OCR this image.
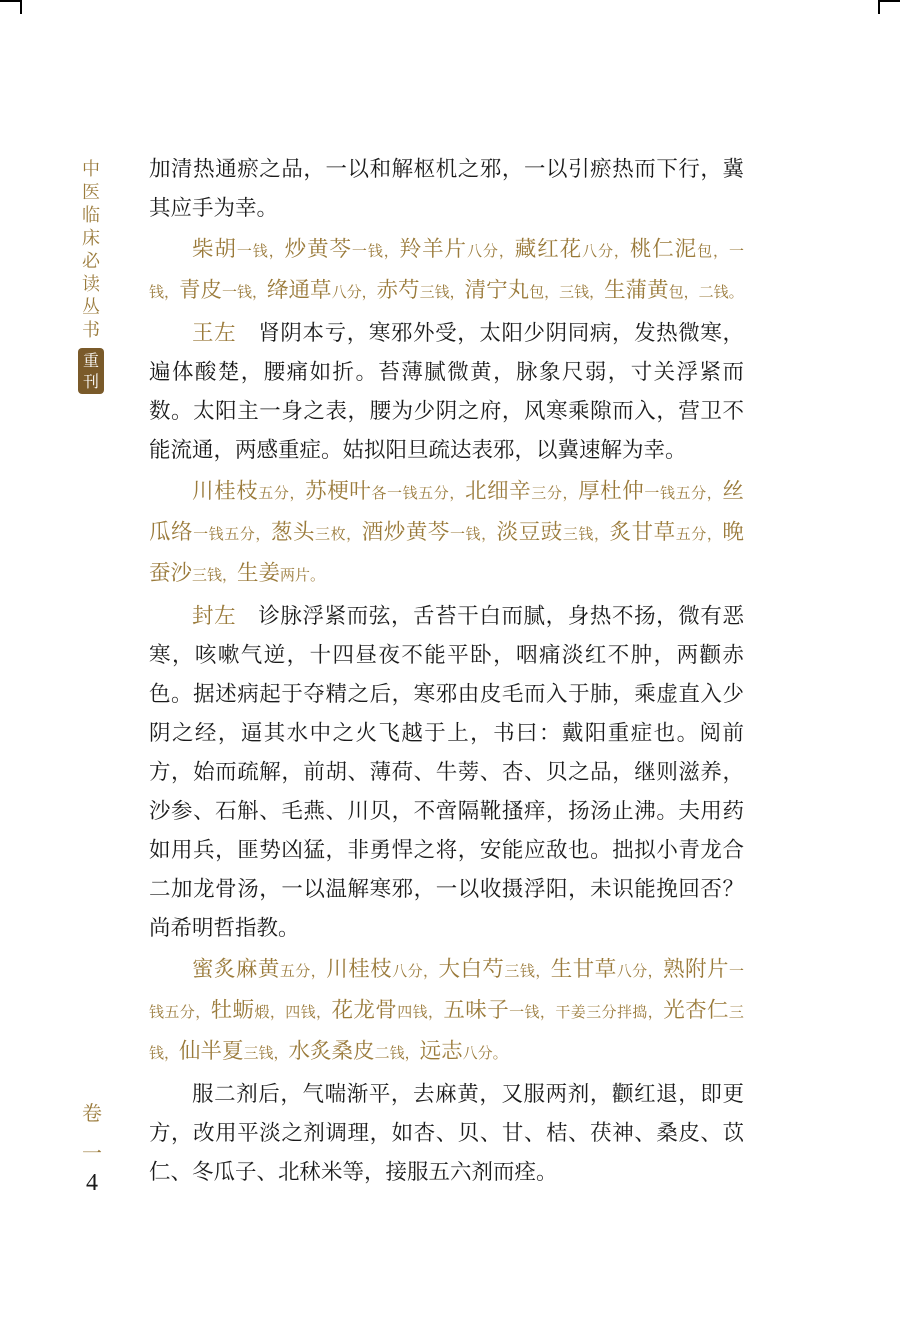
中
医
临
床
必
读
丛
书
重
刊
卷
一
4

加清热通瘀之品，一以和解枢机之邪，一以引瘀热而下行，冀其应手为幸。

柴胡一钱，炒黄芩一钱，羚羊片八分，藏红花八分，桃仁泥包，一钱，青皮一钱，绛通草八分，赤芍三钱，清宁丸包，三钱，生蒲黄包，二钱。

王左 肾阴本亏，寒邪外受，太阳少阴同病，发热微寒，遍体酸楚，腰痛如折。苔薄腻微黄，脉象尺弱，寸关浮紧而数。太阳主一身之表，腰为少阴之府，风寒乘隙而入，营卫不能流通，两感重症。姑拟阳旦疏达表邪，以冀速解为幸。

川桂枝五分，苏梗叶各一钱五分，北细辛三分，厚杜仲一钱五分，丝瓜络一钱五分，葱头三枚，酒炒黄芩一钱，淡豆豉三钱，炙甘草五分，晚蚕沙三钱，生姜两片。

封左 诊脉浮紧而弦，舌苔干白而腻，身热不扬，微有恶寒，咳嗽气逆，十四昼夜不能平卧，咽痛淡红不肿，两颧赤色。据述病起于夺精之后，寒邪由皮毛而入于肺，乘虚直入少阴之经，逼其水中之火飞越于上，书曰：戴阳重症也。阅前方，始而疏解，前胡、薄荷、牛蒡、杏、贝之品，继则滋养，沙参、石斛、毛燕、川贝，不啻隔靴搔痒，扬汤止沸。夫用药如用兵，匪势凶猛，非勇悍之将，安能应敌也。拙拟小青龙合二加龙骨汤，一以温解寒邪，一以收摄浮阳，未识能挽回否？尚希明哲指教。

蜜炙麻黄五分，川桂枝八分，大白芍三钱，生甘草八分，熟附片一钱五分，牡蛎煅，四钱，花龙骨四钱，五味子一钱，干姜三分拌捣，光杏仁三钱，仙半夏三钱，水炙桑皮二钱，远志八分。

服二剂后，气喘渐平，去麻黄，又服两剂，颧红退，即更方，改用平淡之剂调理，如杏、贝、甘、桔、茯神、桑皮、苡仁、冬瓜子、北秫米等，接服五六剂而痊。
